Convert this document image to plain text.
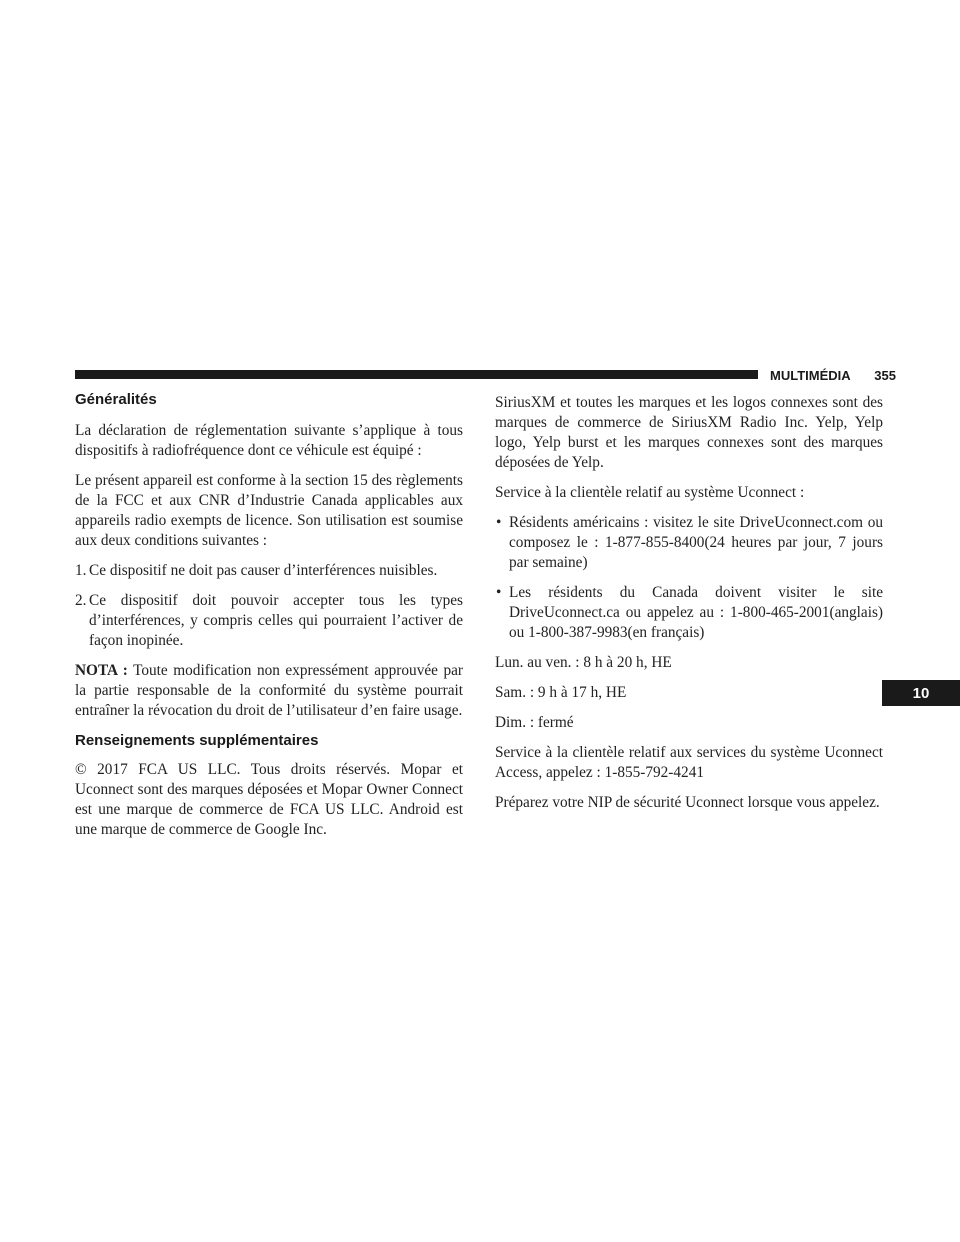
MULTIMÉDIA 355
10
Généralités

La déclaration de réglementation suivante s’applique à tous dispositifs à radiofréquence dont ce véhicule est équipé :

Le présent appareil est conforme à la section 15 des règlements de la FCC et aux CNR d’Industrie Canada applicables aux appareils radio exempts de licence. Son utilisation est soumise aux deux conditions suivantes :

1. Ce dispositif ne doit pas causer d’interférences nuisibles.
2. Ce dispositif doit pouvoir accepter tous les types d’interférences, y compris celles qui pourraient l’activer de façon inopinée.

NOTA : Toute modification non expressément approuvée par la partie responsable de la conformité du système pourrait entraîner la révocation du droit de l’utilisateur d’en faire usage.

Renseignements supplémentaires

© 2017 FCA US LLC. Tous droits réservés. Mopar et Uconnect sont des marques déposées et Mopar Owner Connect est une marque de commerce de FCA US LLC. Android est une marque de commerce de Google Inc.

SiriusXM et toutes les marques et les logos connexes sont des marques de commerce de SiriusXM Radio Inc. Yelp, Yelp logo, Yelp burst et les marques connexes sont des marques déposées de Yelp.

Service à la clientèle relatif au système Uconnect :

• Résidents américains : visitez le site DriveUconnect.com ou composez le : 1-877-855-8400(24 heures par jour, 7 jours par semaine)
• Les résidents du Canada doivent visiter le site DriveUconnect.ca ou appelez au : 1-800-465-2001(anglais) ou 1-800-387-9983(en français)

Lun. au ven. : 8 h à 20 h, HE

Sam. : 9 h à 17 h, HE

Dim. : fermé

Service à la clientèle relatif aux services du système Uconnect Access, appelez : 1-855-792-4241

Préparez votre NIP de sécurité Uconnect lorsque vous appelez.
